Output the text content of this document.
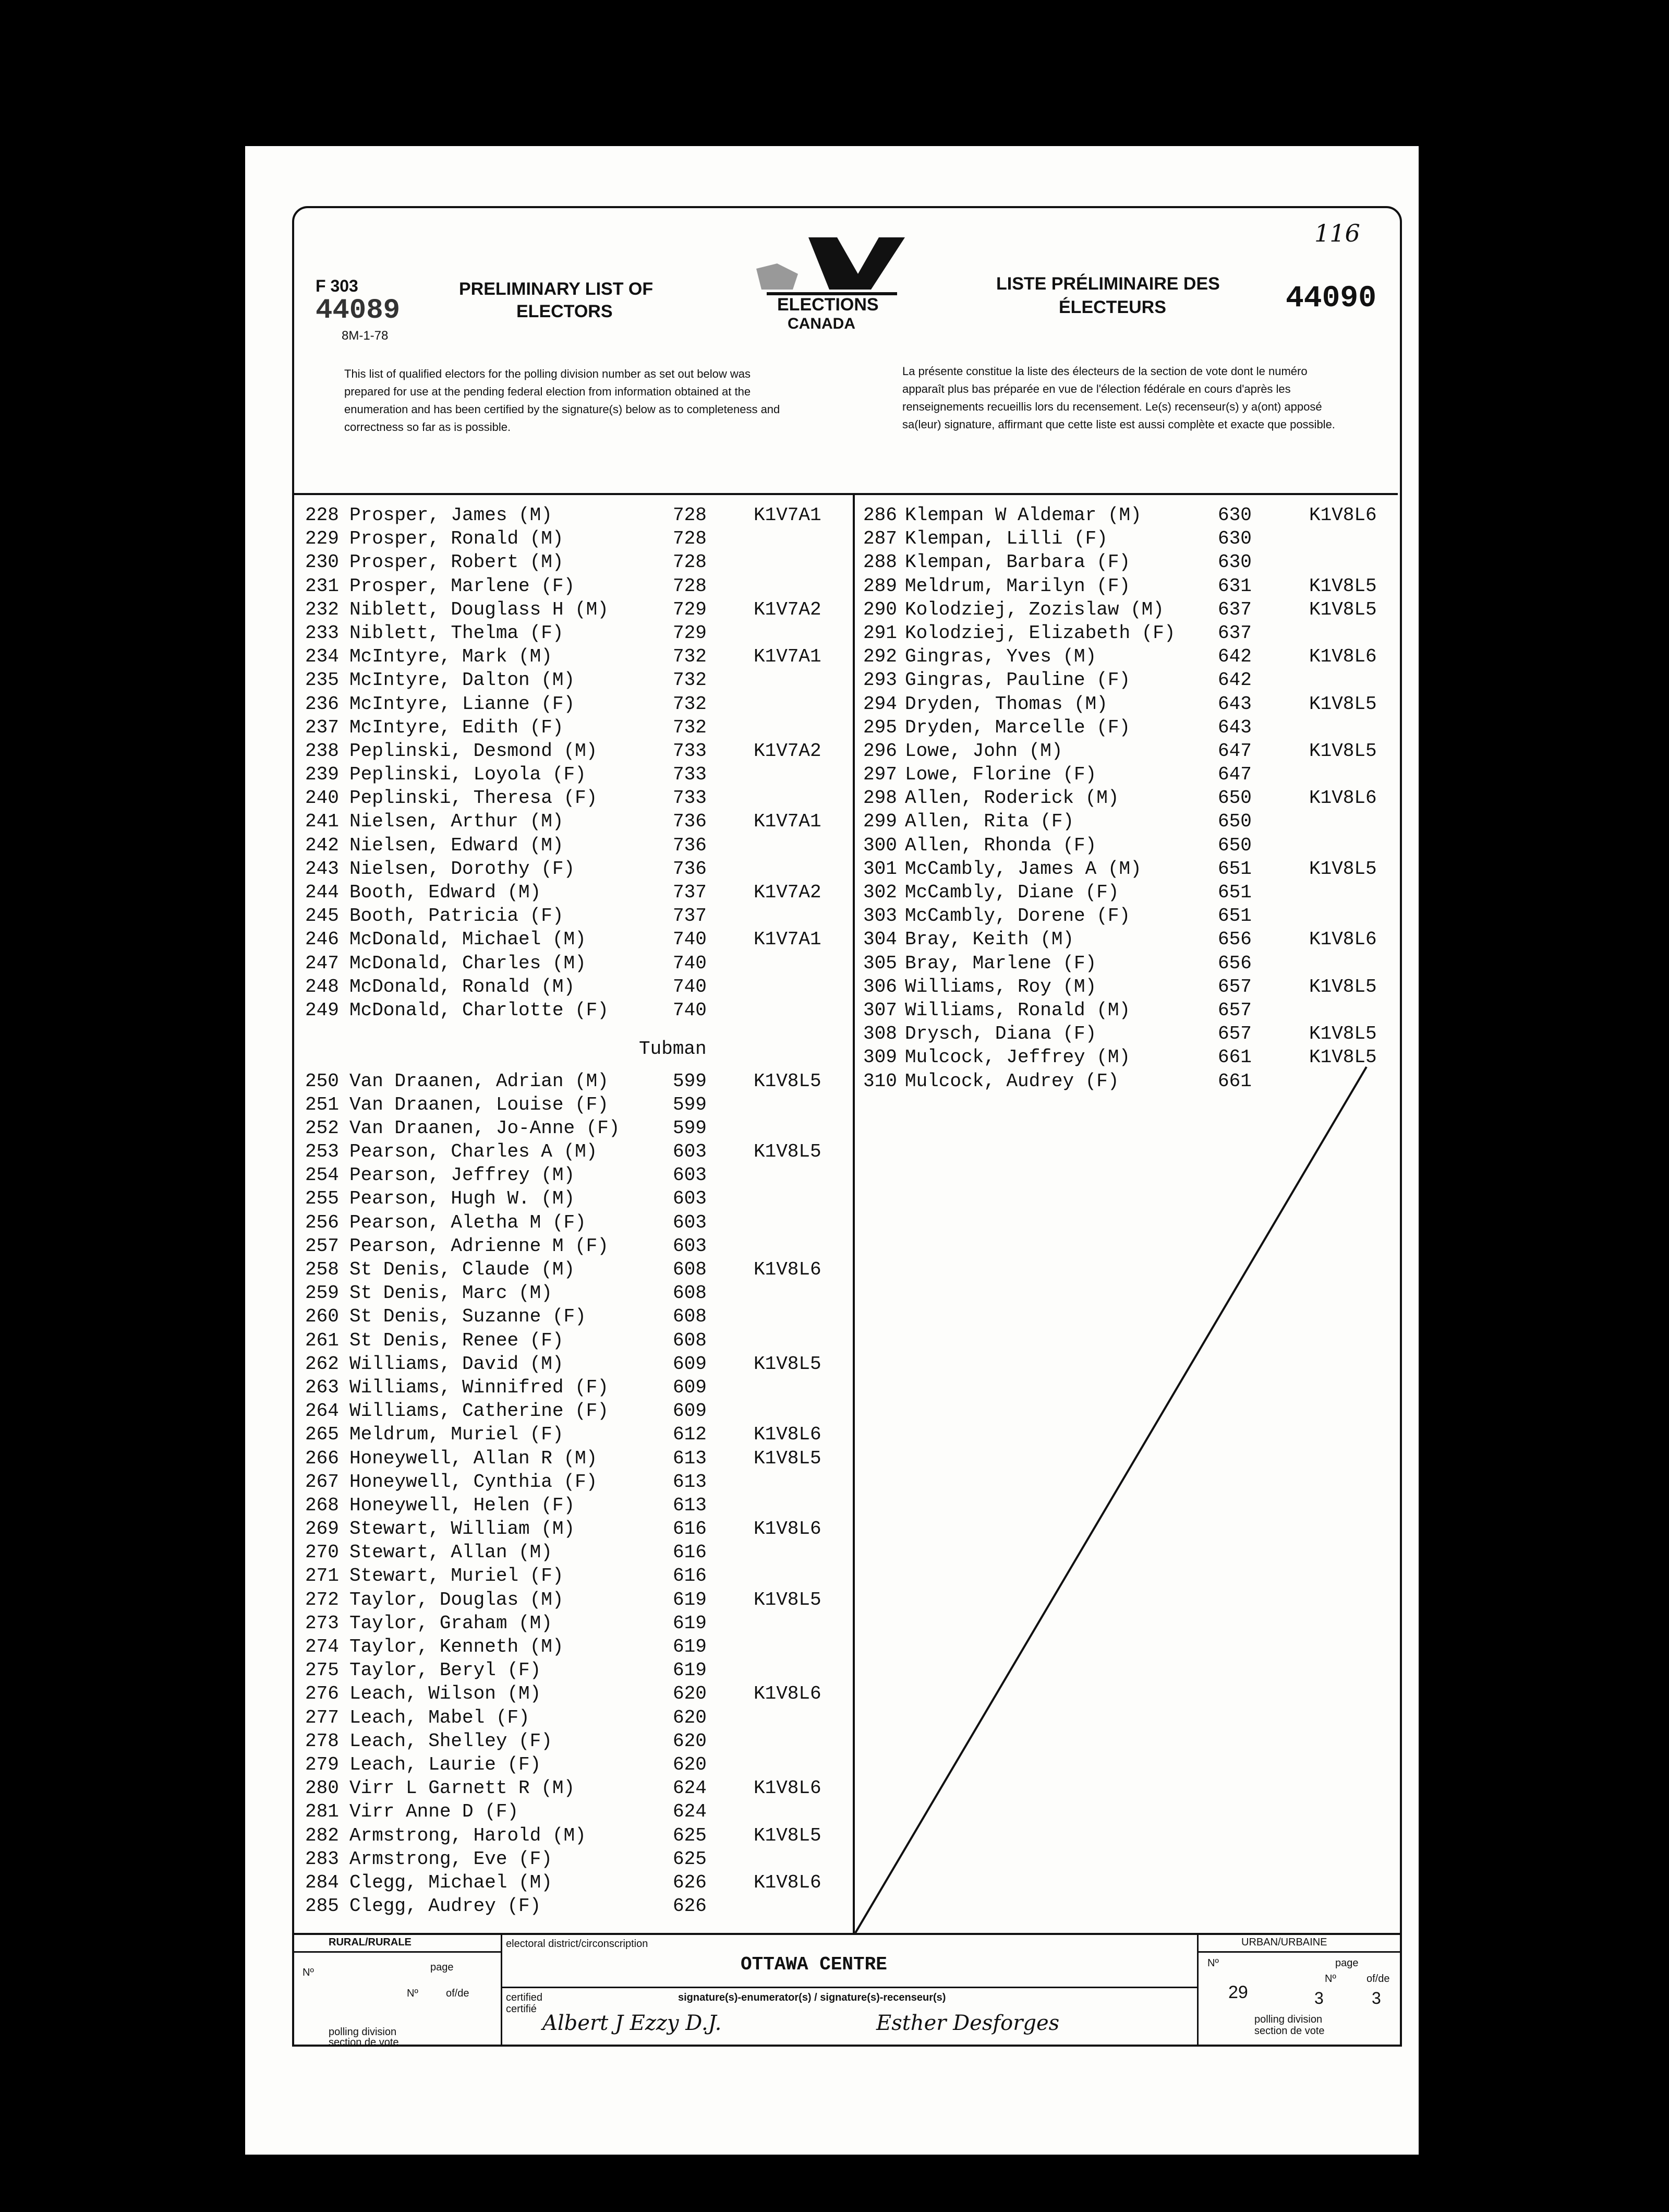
F 303
44089
8M-1-78
PRELIMINARY LIST OF
ELECTORS	ELECTIONS
CANADA
LISTE PRÉLIMINAIRE DES
ÉLECTEURS	44090
116
This list of qualified electors for the polling division number as set out below was prepared for use at the pending federal election from information obtained at the enumeration and has been certified by the signature(s) below as to completeness and correctness so far as is possible.
La présente constitue la liste des électeurs de la section de vote dont le numéro apparaît plus bas préparée en vue de l'élection fédérale en cours d'après les renseignements recueillis lors du recensement. Le(s) recenseur(s) y a(ont) apposé sa(leur) signature, affirmant que cette liste est aussi complète et exacte que possible.
228 Prosper, James (M)	728	K1V7A1
229 Prosper, Ronald (M)	728
230 Prosper, Robert (M)	728
231 Prosper, Marlene (F)	728
232 Niblett, Douglass H (M)	729	K1V7A2
233 Niblett, Thelma (F)	729
234 McIntyre, Mark (M)	732	K1V7A1
235 McIntyre, Dalton (M)	732
236 McIntyre, Lianne (F)	732
237 McIntyre, Edith (F)	732
238 Peplinski, Desmond (M)	733	K1V7A2
239 Peplinski, Loyola (F)	733
240 Peplinski, Theresa (F)	733
241 Nielsen, Arthur (M)	736	K1V7A1
242 Nielsen, Edward (M)	736
243 Nielsen, Dorothy (F)	736
244 Booth, Edward (M)	737	K1V7A2
245 Booth, Patricia (F)	737
246 McDonald, Michael (M)	740	K1V7A1
247 McDonald, Charles (M)	740
248 McDonald, Ronald (M)	740
249 McDonald, Charlotte (F)	740
250 Van Draanen, Adrian (M)	599	K1V8L5
251 Van Draanen, Louise (F)	599
252 Van Draanen, Jo-Anne (F)	599
253 Pearson, Charles A (M)	603	K1V8L5
254 Pearson, Jeffrey (M)	603
255 Pearson, Hugh W. (M)	603
256 Pearson, Aletha M (F)	603
257 Pearson, Adrienne M (F)	603
258 St Denis, Claude (M)	608	K1V8L6
259 St Denis, Marc (M)	608
260 St Denis, Suzanne (F)	608
261 St Denis, Renee (F)	608
262 Williams, David (M)	609	K1V8L5
263 Williams, Winnifred (F)	609
264 Williams, Catherine (F)	609
265 Meldrum, Muriel (F)	612	K1V8L6
266 Honeywell, Allan R (M)	613	K1V8L5
267 Honeywell, Cynthia (F)	613
268 Honeywell, Helen (F)	613
269 Stewart, William (M)	616	K1V8L6
270 Stewart, Allan (M)	616
271 Stewart, Muriel (F)	616
272 Taylor, Douglas (M)	619	K1V8L5
273 Taylor, Graham (M)	619
274 Taylor, Kenneth (M)	619
275 Taylor, Beryl (F)	619
276 Leach, Wilson (M)	620	K1V8L6
277 Leach, Mabel (F)	620
278 Leach, Shelley (F)	620
279 Leach, Laurie (F)	620
280 Virr L Garnett R (M)	624	K1V8L6
281 Virr Anne D (F)	624
282 Armstrong, Harold (M)	625	K1V8L5
283 Armstrong, Eve (F)	625
284 Clegg, Michael (M)	626	K1V8L6
285 Clegg, Audrey (F)	626
Tubman
286 Klempan W Aldemar (M)	630	K1V8L6
287 Klempan, Lilli (F)	630
288 Klempan, Barbara (F)	630
289 Meldrum, Marilyn (F)	631	K1V8L5
290 Kolodziej, Zozislaw (M)	637	K1V8L5
291 Kolodziej, Elizabeth (F) 637
292 Gingras, Yves (M)	642	K1V8L6
293 Gingras, Pauline (F)	642
294 Dryden, Thomas (M)	643	K1V8L5
295 Dryden, Marcelle (F)	643
296 Lowe, John (M)	647	K1V8L5
297 Lowe, Florine (F)	647
298 Allen, Roderick (M)	650	K1V8L6
299 Allen, Rita (F)	650
300 Allen, Rhonda (F)	650
301 McCambly, James A (M)	651	K1V8L5
302 McCambly, Diane (F)	651
303 McCambly, Dorene (F)	651
304 Bray, Keith (M)	656	K1V8L6
305 Bray, Marlene (F)	656
306 Williams, Roy (M)	657	K1V8L5
307 Williams, Ronald (M)	657
308 Drysch, Diana (F)	657	K1V8L5
309 Mulcock, Jeffrey (M)	661	K1V8L5
310 Mulcock, Audrey (F)	661
RURAL/RURALE
Nº	page
Nº	of/de
polling division
section de vote
electoral district/circonscription
OTTAWA CENTRE
certified
certifié
signature(s)-enumerator(s) / signature(s)-recenseur(s)
Albert J Ezzy D.J.	Esther Desforges
URBAN/URBAINE
Nº	page
29
Nº
3
of/de
3
polling division
section de vote
